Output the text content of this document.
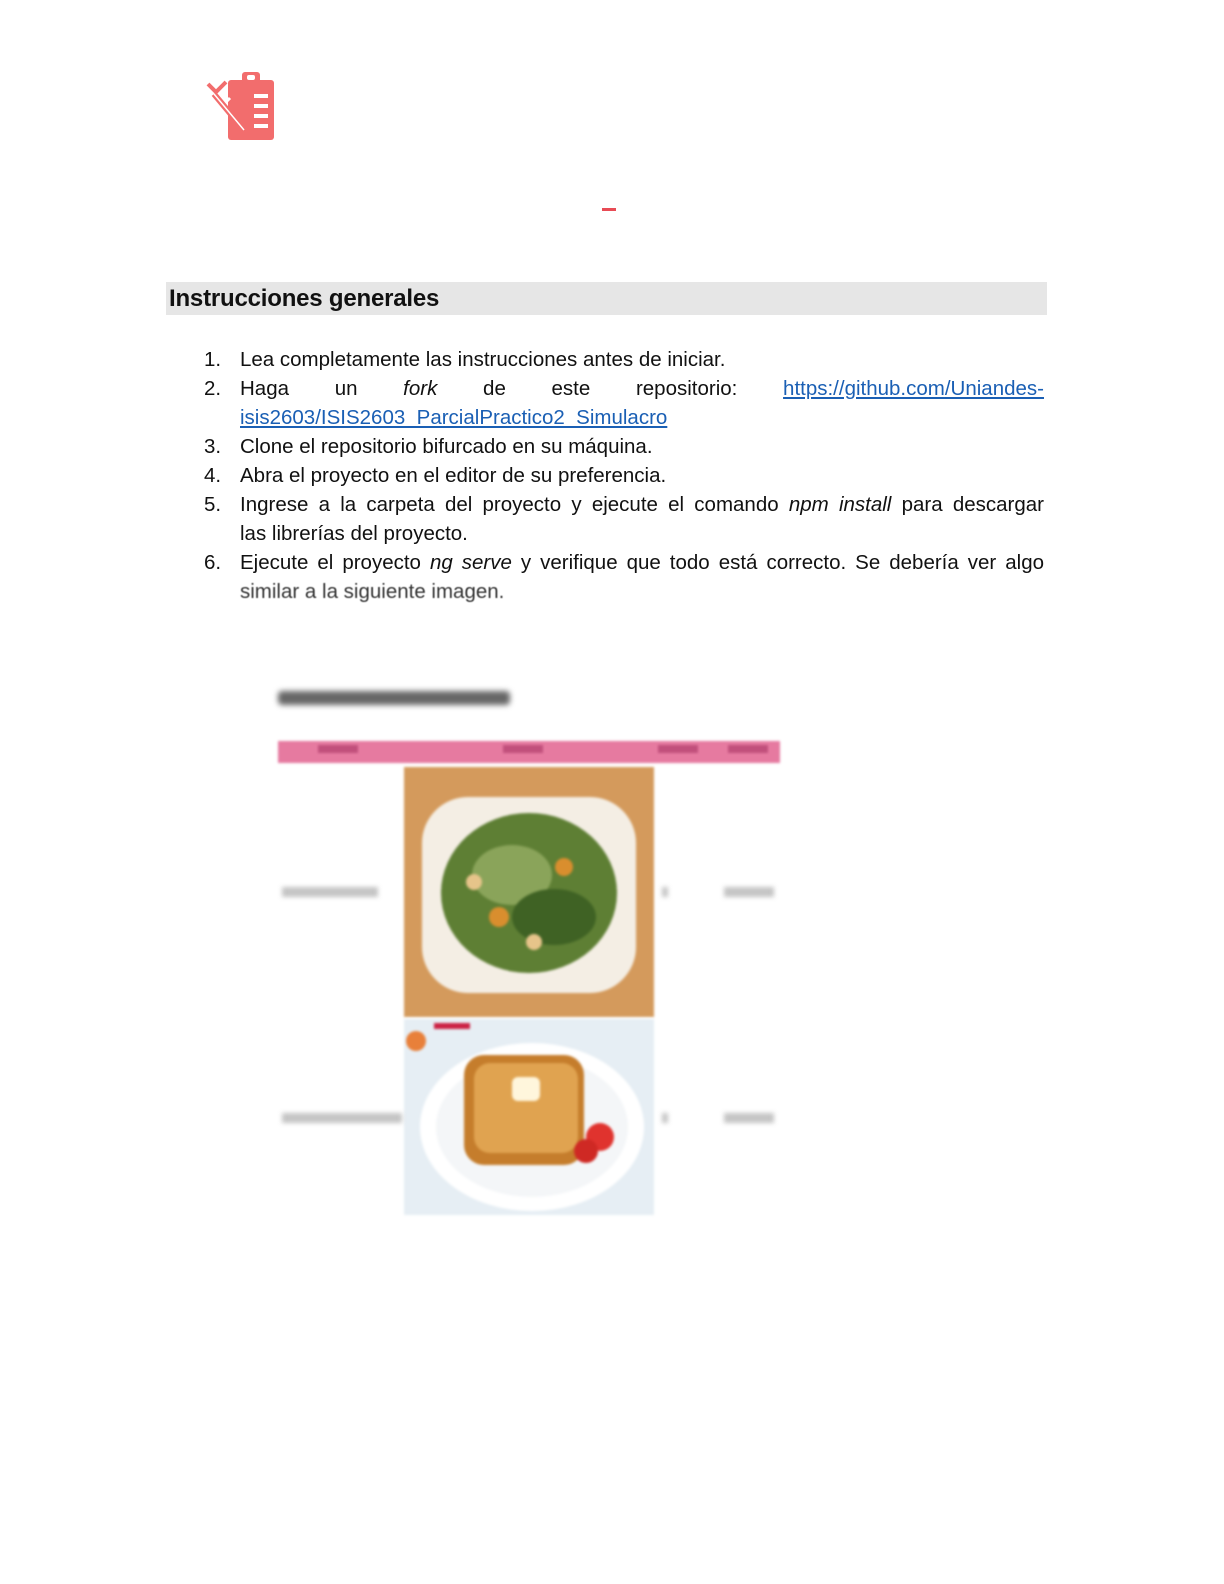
Instrucciones generales
1. Lea completamente las instrucciones antes de iniciar.
2. Haga un fork de este repositorio: https://github.com/Uniandes-
isis2603/ISIS2603_ParcialPractico2_Simulacro
3. Clone el repositorio bifurcado en su máquina.
4. Abra el proyecto en el editor de su preferencia.
5. Ingrese a la carpeta del proyecto y ejecute el comando npm install para descargar
las librerías del proyecto.
6. Ejecute el proyecto ng serve y verifique que todo está correcto. Se debería ver algo
similar a la siguiente imagen.
